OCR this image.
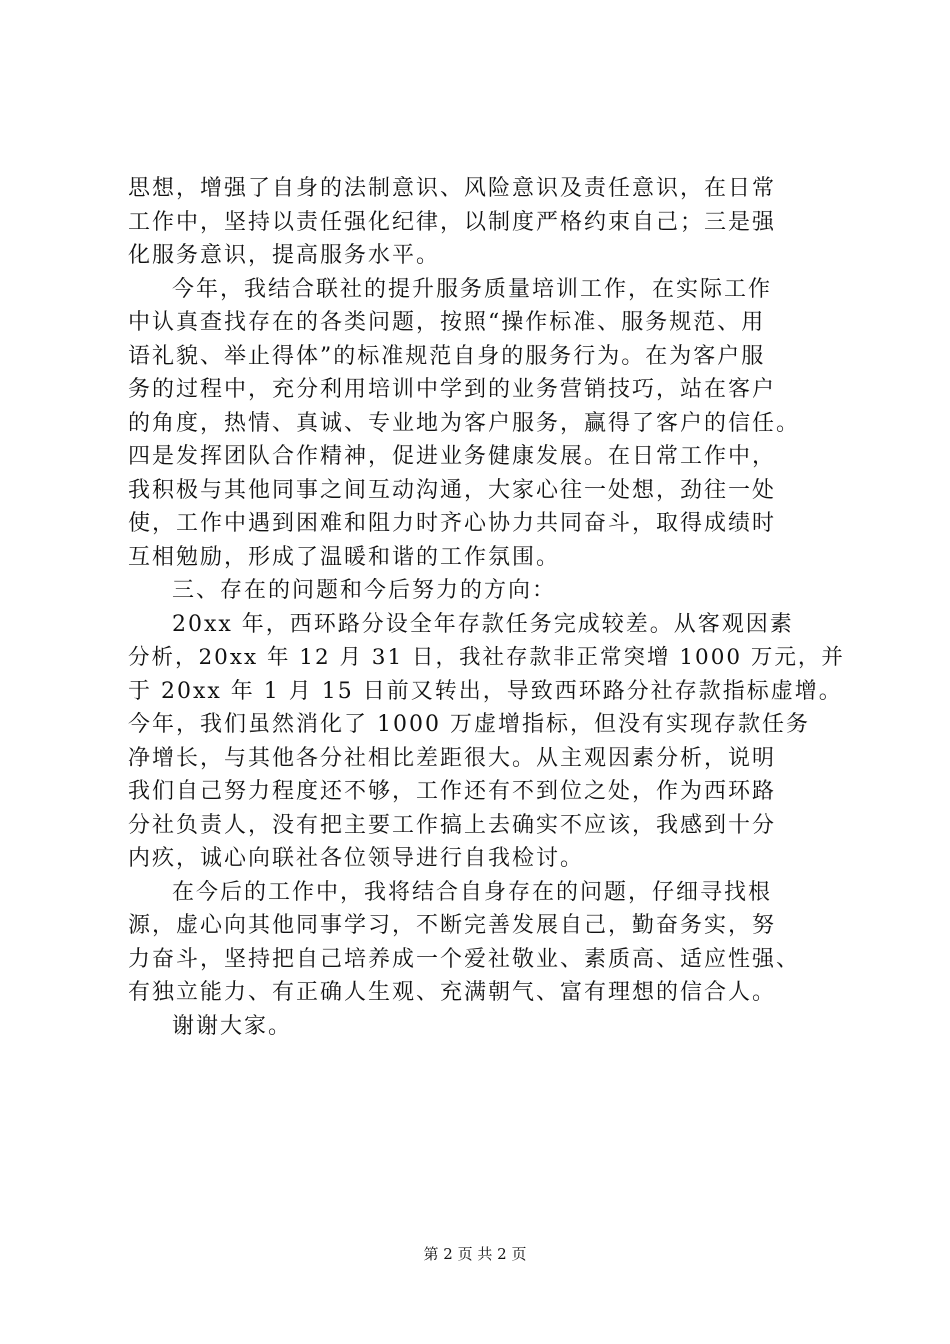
思想，增强了自身的法制意识、风险意识及责任意识，在日常
工作中，坚持以责任强化纪律，以制度严格约束自己；三是强
化服务意识，提高服务水平。
今年，我结合联社的提升服务质量培训工作，在实际工作
中认真查找存在的各类问题，按照“操作标准、服务规范、用
语礼貌、举止得体”的标准规范自身的服务行为。在为客户服
务的过程中，充分利用培训中学到的业务营销技巧，站在客户
的角度，热情、真诚、专业地为客户服务，赢得了客户的信任。
四是发挥团队合作精神，促进业务健康发展。在日常工作中，
我积极与其他同事之间互动沟通，大家心往一处想，劲往一处
使，工作中遇到困难和阻力时齐心协力共同奋斗，取得成绩时
互相勉励，形成了温暖和谐的工作氛围。
三、存在的问题和今后努力的方向：
20xx 年，西环路分设全年存款任务完成较差。从客观因素
分析，20xx 年 12 月 31 日，我社存款非正常突增 1000 万元，并
于 20xx 年 1 月 15 日前又转出，导致西环路分社存款指标虚增。
今年，我们虽然消化了 1000 万虚增指标，但没有实现存款任务
净增长，与其他各分社相比差距很大。从主观因素分析，说明
我们自己努力程度还不够，工作还有不到位之处，作为西环路
分社负责人，没有把主要工作搞上去确实不应该，我感到十分
内疚，诚心向联社各位领导进行自我检讨。
在今后的工作中，我将结合自身存在的问题，仔细寻找根
源，虚心向其他同事学习，不断完善发展自己，勤奋务实，努
力奋斗，坚持把自己培养成一个爱社敬业、素质高、适应性强、
有独立能力、有正确人生观、充满朝气、富有理想的信合人。
谢谢大家。
第 2 页 共 2 页
